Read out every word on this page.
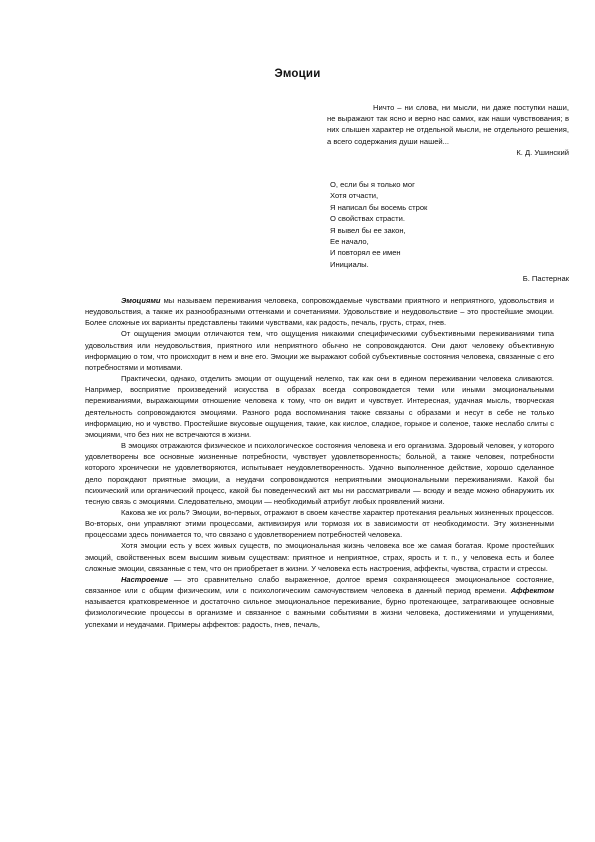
Эмоции

Ничто – ни слова, ни мысли, ни даже поступки наши, не выражают так ясно и верно нас самих, как наши чувствования; в них слышен характер не отдельной мысли, не отдельного решения, а всего содержания души нашей...

К. Д. Ушинский

О, если бы я только мог
Хотя отчасти,
Я написал бы восемь строк
О свойствах страсти.
Я вывел бы ее закон,
Ее начало,
И повторял ее имен
Инициалы.
Б. Пастернак

Эмоциями мы называем переживания человека, сопровождаемые чувствами приятного и неприятного, удовольствия и неудовольствия, а также их разнообразными оттенками и сочетаниями. Удовольствие и неудовольствие – это простейшие эмоции. Более сложные их варианты представлены такими чувствами, как радость, печаль, грусть, страх, гнев.

От ощущения эмоции отличаются тем, что ощущения никакими специфическими субъективными переживаниями типа удовольствия или неудовольствия, приятного или неприятного обычно не сопровождаются. Они дают человеку объективную информацию о том, что происходит в нем и вне его. Эмоции же выражают собой субъективные состояния человека, связанные с его потребностями и мотивами.

Практически, однако, отделить эмоции от ощущений нелегко, так как они в едином переживании человека сливаются. Например, восприятие произведений искусства в образах всегда сопровождается теми или иными эмоциональными переживаниями, выражающими отношение человека к тому, что он видит и чувствует. Интересная, удачная мысль, творческая деятельность сопровождаются эмоциями. Разного рода воспоминания также связаны с образами и несут в себе не только информацию, но и чувство. Простейшие вкусовые ощущения, такие, как кислое, сладкое, горькое и соленое, также неслабо слиты с эмоциями, что без них не встречаются в жизни.

В эмоциях отражаются физическое и психологическое состояния человека и его организма. Здоровый человек, у которого удовлетворены все основные жизненные потребности, чувствует удовлетворенность; больной, а также человек, потребности которого хронически не удовлетворяются, испытывает неудовлетворенность. Удачно выполненное действие, хорошо сделанное дело порождают приятные эмоции, а неудачи сопровождаются неприятными эмоциональными переживаниями. Какой бы психический или органический процесс, какой бы поведенческий акт мы ни рассматривали — всюду и везде можно обнаружить их тесную связь с эмоциями. Следовательно, эмоции — необходимый атрибут любых проявлений жизни.

Какова же их роль? Эмоции, во-первых, отражают в своем качестве характер протекания реальных жизненных процессов. Во-вторых, они управляют этими процессами, активизируя или тормозя их в зависимости от необходимости. Эту жизненными процессами здесь понимается то, что связано с удовлетворением потребностей человека.

Хотя эмоции есть у всех живых существ, по эмоциональная жизнь человека все же самая богатая. Кроме простейших эмоций, свойственных всем высшим живым существам: приятное и неприятное, страх, ярость и т. п., у человека есть и более сложные эмоции, связанные с тем, что он приобретает в жизни. У человека есть настроения, аффекты, чувства, страсти и стрессы.

Настроение — это сравнительно слабо выраженное, долгое время сохраняющееся эмоциональное состояние, связанное или с общим физическим, или с психологическим самочувствием человека в данный период времени. Аффектом называется кратковременное и достаточно сильное эмоциональное переживание, бурно протекающее, затрагивающее основные физиологические процессы в организме и связанное с важными событиями в жизни человека, достижениями и упущениями, успехами и неудачами. Примеры аффектов: радость, гнев, печаль,
